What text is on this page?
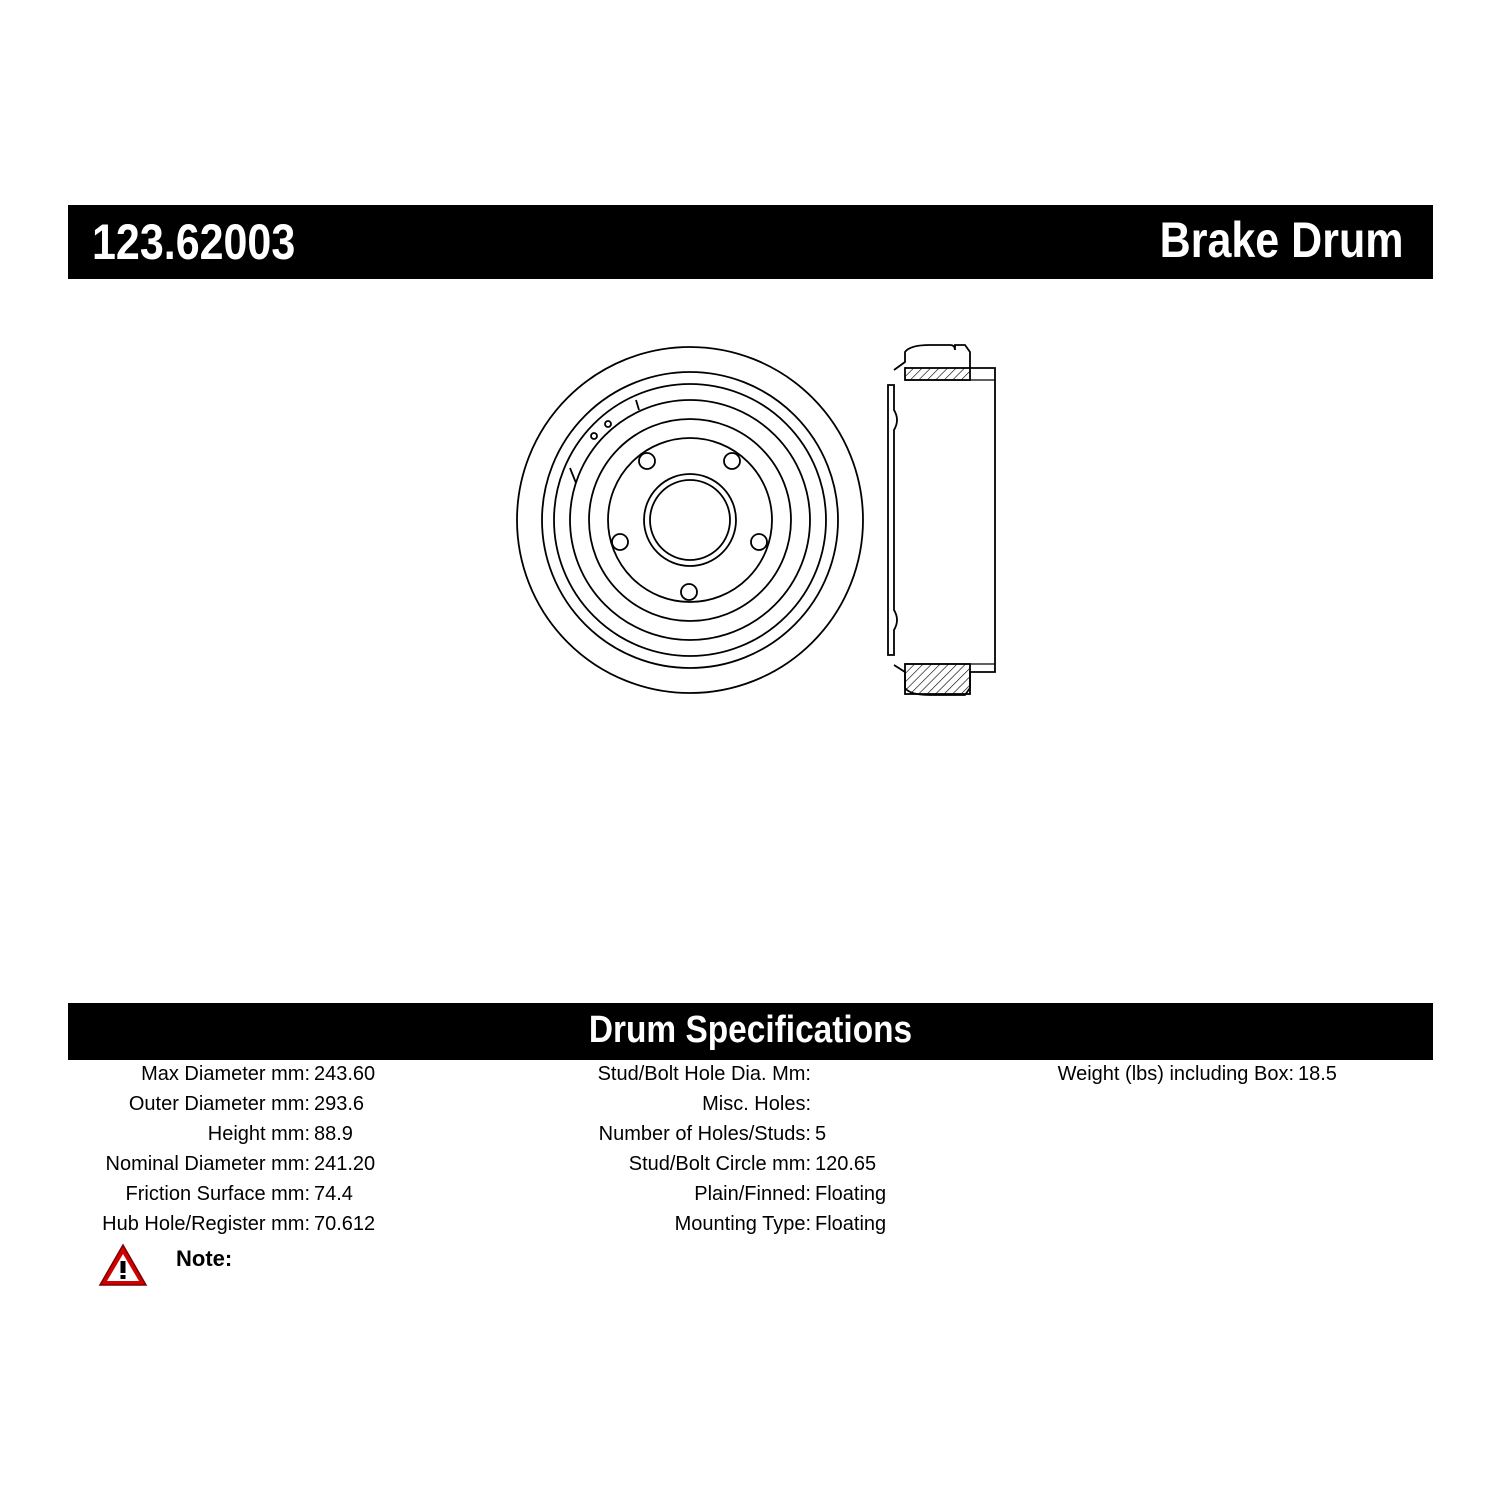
123.62003	Brake Drum
Drum Specifications
Max Diameter mm: 243.60
Outer Diameter mm: 293.6
Height mm: 88.9
Nominal Diameter mm: 241.20
Friction Surface mm: 74.4
Hub Hole/Register mm: 70.612
Stud/Bolt Hole Dia. Mm:
Misc. Holes:
Number of Holes/Studs: 5
Stud/Bolt Circle mm: 120.65
Plain/Finned: Floating
Mounting Type: Floating
Weight (lbs) including Box: 18.5
Note:
